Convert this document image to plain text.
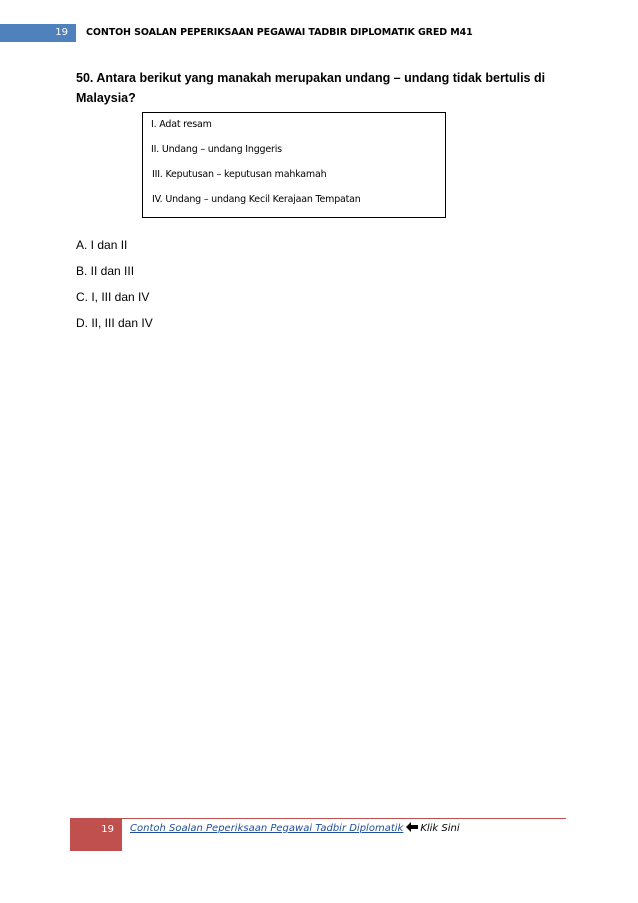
19	CONTOH SOALAN PEPERIKSAAN PEGAWAI TADBIR DIPLOMATIK GRED M41
50. Antara berikut yang manakah merupakan undang – undang tidak bertulis di Malaysia?
I. Adat resam
II. Undang – undang Inggeris
III. Keputusan – keputusan mahkamah
IV. Undang – undang Kecil Kerajaan Tempatan
A. I dan II
B. II dan III
C. I, III dan IV
D. II, III dan IV
19	Contoh Soalan Peperiksaan Pegawai Tadbir Diplomatik Klik Sini
